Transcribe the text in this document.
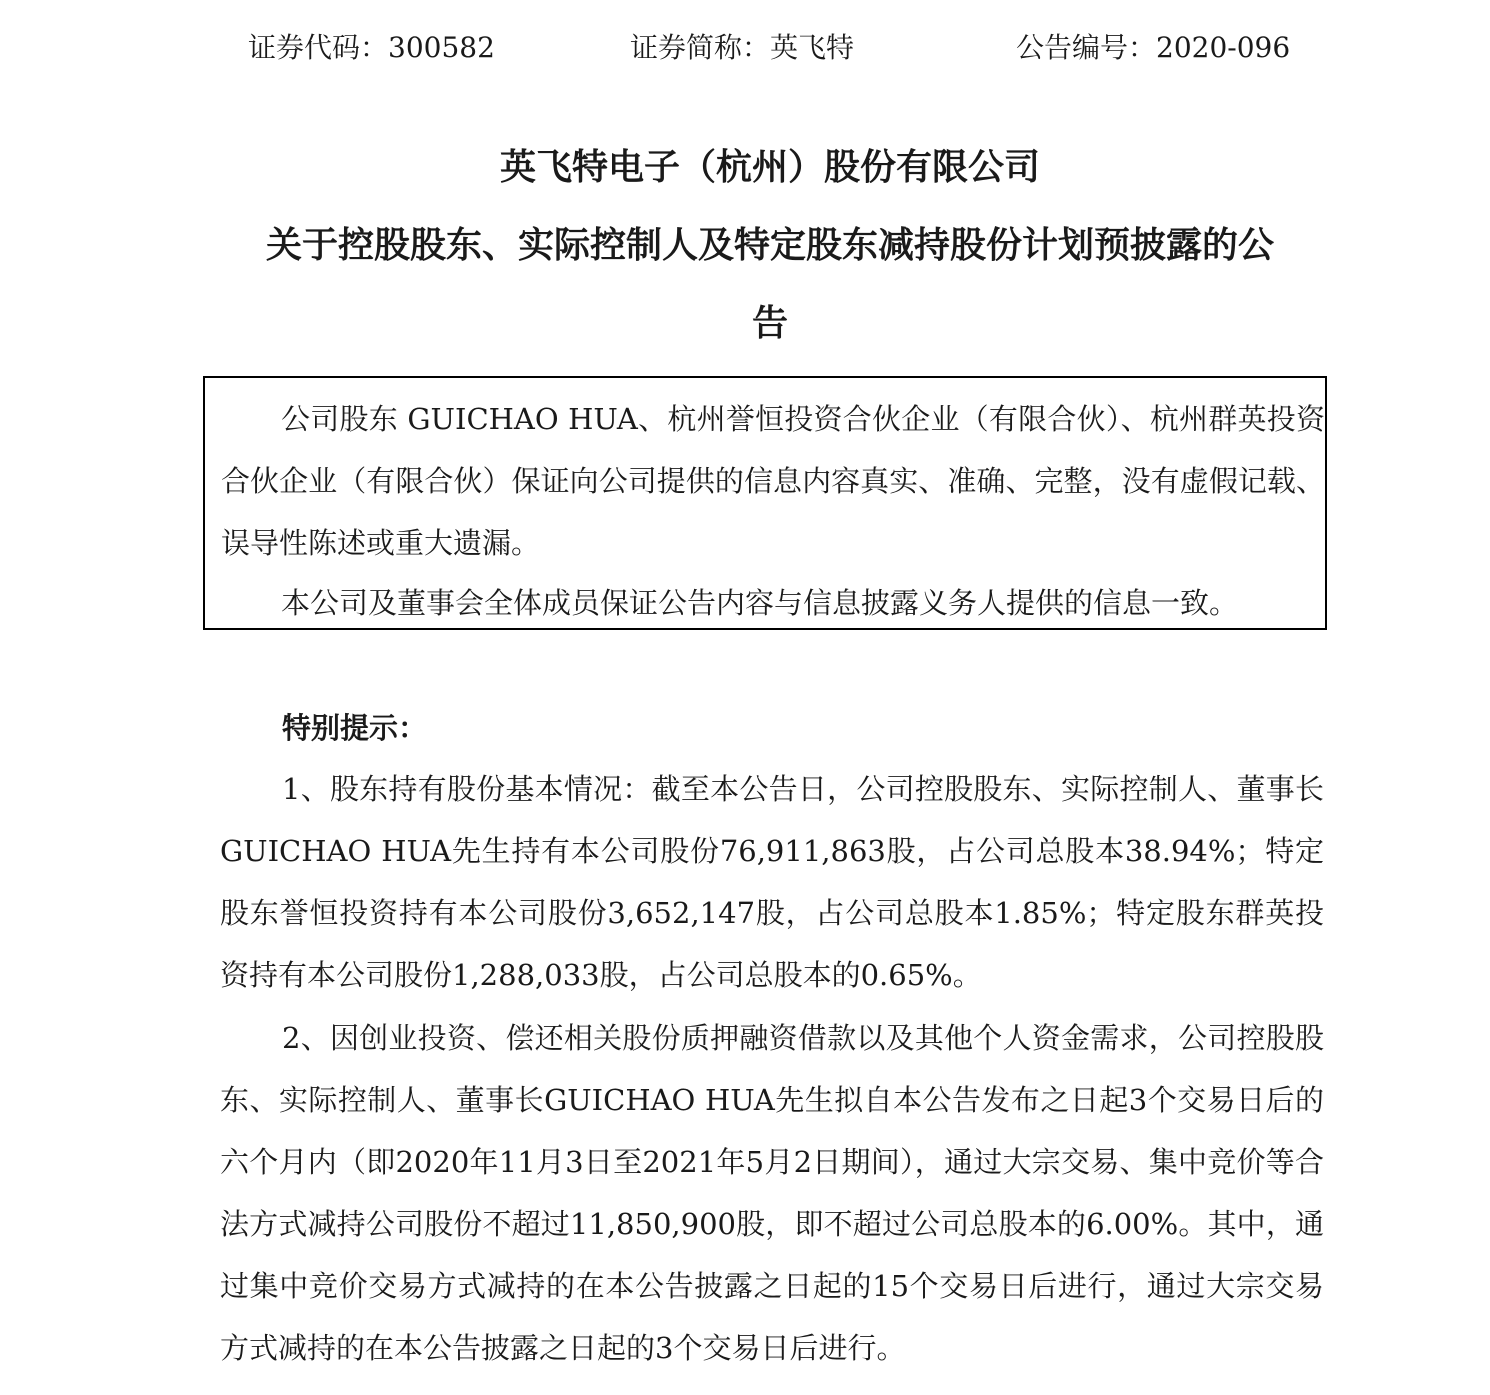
证券代码：300582	证券简称：英飞特	公告编号：2020-096
英飞特电子（杭州）股份有限公司
关于控股股东、实际控制人及特定股东减持股份计划预披露的公
告
公司股东 GUICHAO HUA、杭州誉恒投资合伙企业（有限合伙）、杭州群英投资合伙企业（有限合伙）保证向公司提供的信息内容真实、准确、完整，没有虚假记载、误导性陈述或重大遗漏。
本公司及董事会全体成员保证公告内容与信息披露义务人提供的信息一致。
特别提示：
1、股东持有股份基本情况：截至本公告日，公司控股股东、实际控制人、董事长GUICHAO HUA先生持有本公司股份76,911,863股，占公司总股本38.94%；特定股东誉恒投资持有本公司股份3,652,147股，占公司总股本1.85%；特定股东群英投资持有本公司股份1,288,033股，占公司总股本的0.65%。
2、因创业投资、偿还相关股份质押融资借款以及其他个人资金需求，公司控股股东、实际控制人、董事长GUICHAO HUA先生拟自本公告发布之日起3个交易日后的六个月内（即2020年11月3日至2021年5月2日期间），通过大宗交易、集中竞价等合法方式减持公司股份不超过11,850,900股，即不超过公司总股本的6.00%。其中，通过集中竞价交易方式减持的在本公告披露之日起的15个交易日后进行，通过大宗交易方式减持的在本公告披露之日起的3个交易日后进行。
